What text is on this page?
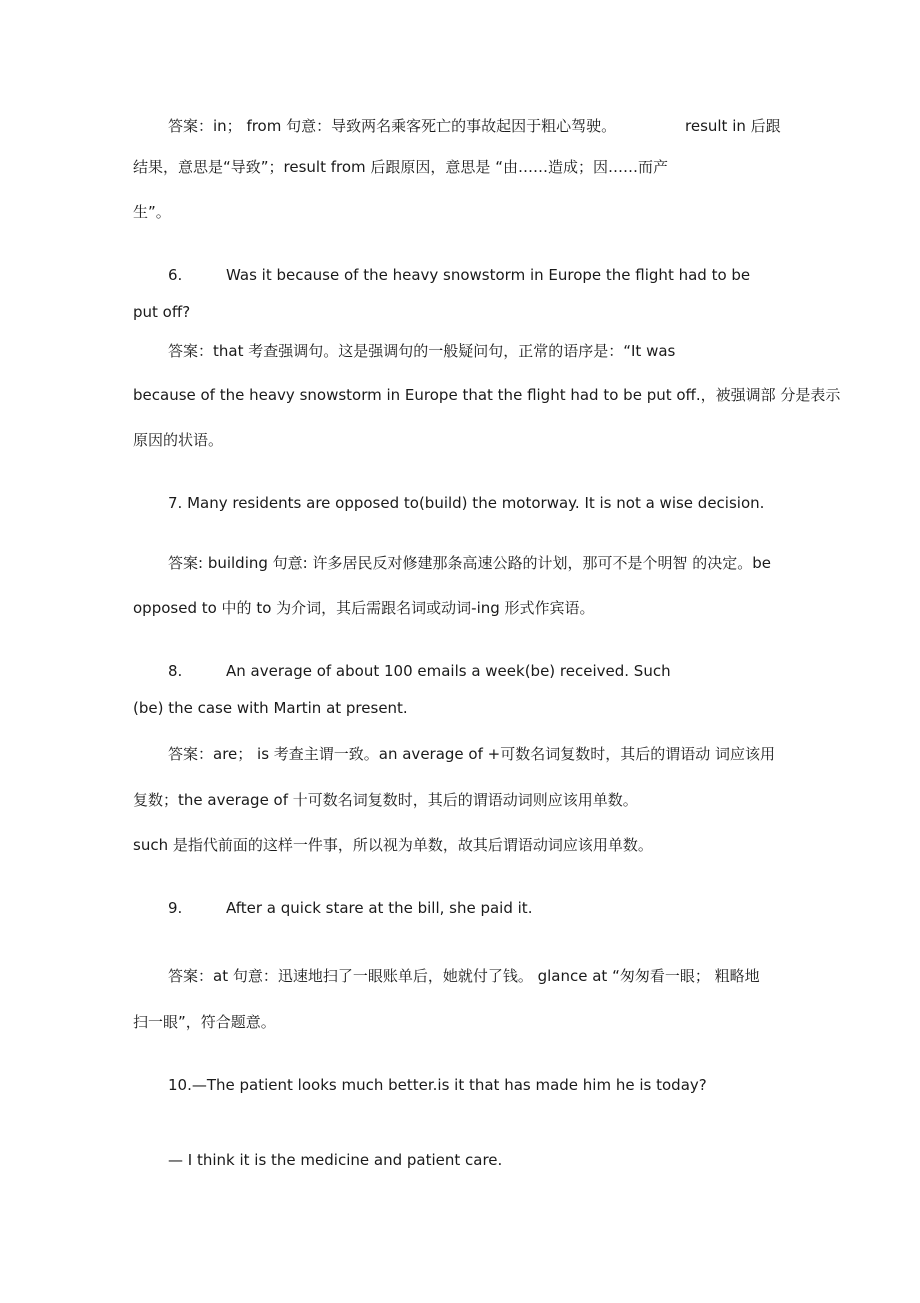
答案：in； from 句意：导致两名乘客死亡的事故起因于粗心驾驶。	result in 后跟
结果，意思是“导致”；result from 后跟原因，意思是 “由……造成；因……而产
生”。
6.	Was it because of the heavy snowstorm in Europe the flight had to be
put off?
答案：that 考查强调句。这是强调句的一般疑问句，正常的语序是：“It was
because of the heavy snowstorm in Europe that the flight had to be put off.，被强调部 分是表示
原因的状语。
7. Many residents are opposed to(build) the motorway. It is not a wise decision.
答案: building 句意: 许多居民反对修建那条高速公路的计划，那可不是个明智 的决定。be
opposed to 中的 to 为介词，其后需跟名词或动词-ing 形式作宾语。
8.	An average of about 100 emails a week(be) received. Such
(be) the case with Martin at present.
答案：are； is 考查主谓一致。an average of +可数名词复数时，其后的谓语动 词应该用
复数；the average of 十可数名词复数时，其后的谓语动词则应该用单数。
such 是指代前面的这样一件事，所以视为单数，故其后谓语动词应该用单数。
9.	After a quick stare at the bill, she paid it.
答案：at 句意：迅速地扫了一眼账单后，她就付了钱。 glance at “匆匆看一眼； 粗略地
扫一眼”，符合题意。
10.—The patient looks much better.is it that has made him he is today?
— I think it is the medicine and patient care.
